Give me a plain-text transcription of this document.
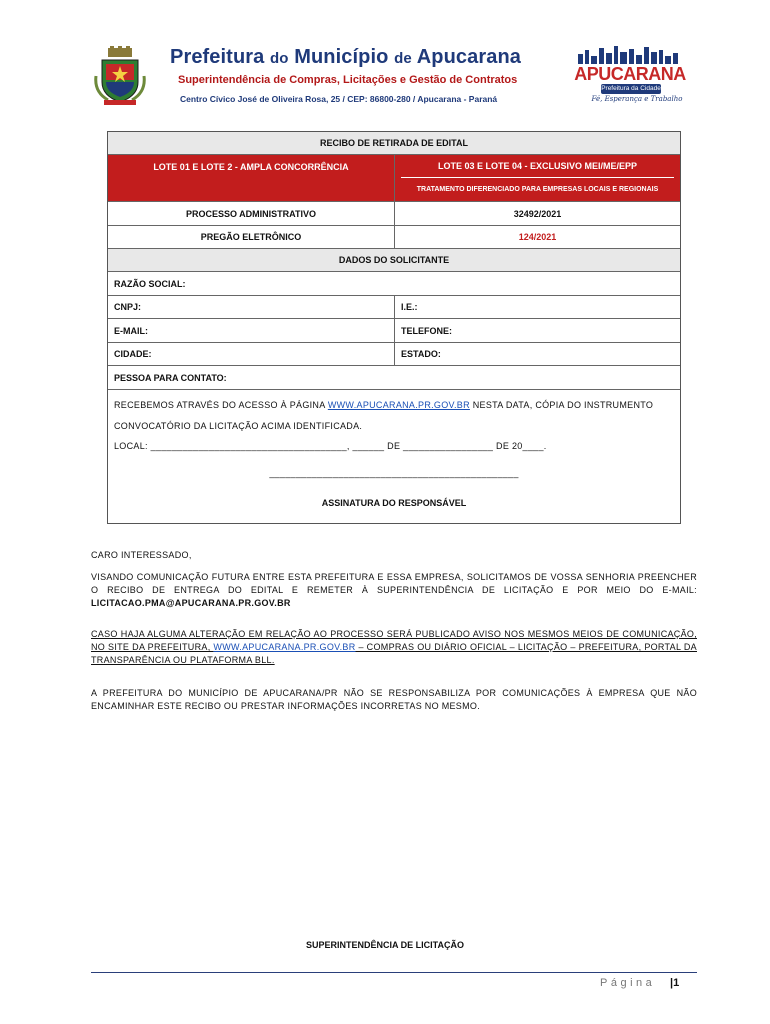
Prefeitura do Município de Apucarana
Superintendência de Compras, Licitações e Gestão de Contratos
Centro Cívico José de Oliveira Rosa, 25 / CEP: 86800-280 / Apucarana - Paraná
APUCARANA
Prefeitura da Cidade
Fé, Esperança e Trabalho
RECIBO DE RETIRADA DE EDITAL
LOTE 01 E LOTE 2 - AMPLA CONCORRÊNCIA	LOTE 03 E LOTE 04 - EXCLUSIVO MEI/ME/EPP
TRATAMENTO DIFERENCIADO PARA EMPRESAS LOCAIS E REGIONAIS
PROCESSO ADMINISTRATIVO	32492/2021
PREGÃO ELETRÔNICO	124/2021
DADOS DO SOLICITANTE
RAZÃO SOCIAL:
CNPJ:	I.E.:
E-MAIL:	TELEFONE:
CIDADE:	ESTADO:
PESSOA PARA CONTATO:
RECEBEMOS ATRAVÉS DO ACESSO À PÁGINA WWW.APUCARANA.PR.GOV.BR NESTA DATA, CÓPIA DO INSTRUMENTO
CONVOCATÓRIO DA LICITAÇÃO ACIMA IDENTIFICADA.
LOCAL: _____________________________________, ______ DE _________________ DE 20____.
_______________________________________________
ASSINATURA DO RESPONSÁVEL
CARO INTERESSADO,
VISANDO COMUNICAÇÃO FUTURA ENTRE ESTA PREFEITURA E ESSA EMPRESA, SOLICITAMOS DE VOSSA SENHORIA PREENCHER O RECIBO DE ENTREGA DO EDITAL E REMETER À SUPERINTENDÊNCIA DE LICITAÇÃO E POR MEIO DO E-MAIL: LICITACAO.PMA@APUCARANA.PR.GOV.BR
CASO HAJA ALGUMA ALTERAÇÃO EM RELAÇÃO AO PROCESSO SERÁ PUBLICADO AVISO NOS MESMOS MEIOS DE COMUNICAÇÃO, NO SITE DA PREFEITURA, WWW.APUCARANA.PR.GOV.BR – COMPRAS OU DIÁRIO OFICIAL – LICITAÇÃO – PREFEITURA, PORTAL DA TRANSPARÊNCIA OU PLATAFORMA BLL.
A PREFEITURA DO MUNICÍPIO DE APUCARANA/PR NÃO SE RESPONSABILIZA POR COMUNICAÇÕES À EMPRESA QUE NÃO ENCAMINHAR ESTE RECIBO OU PRESTAR INFORMAÇÕES INCORRETAS NO MESMO.
SUPERINTENDÊNCIA DE LICITAÇÃO
Página |1
